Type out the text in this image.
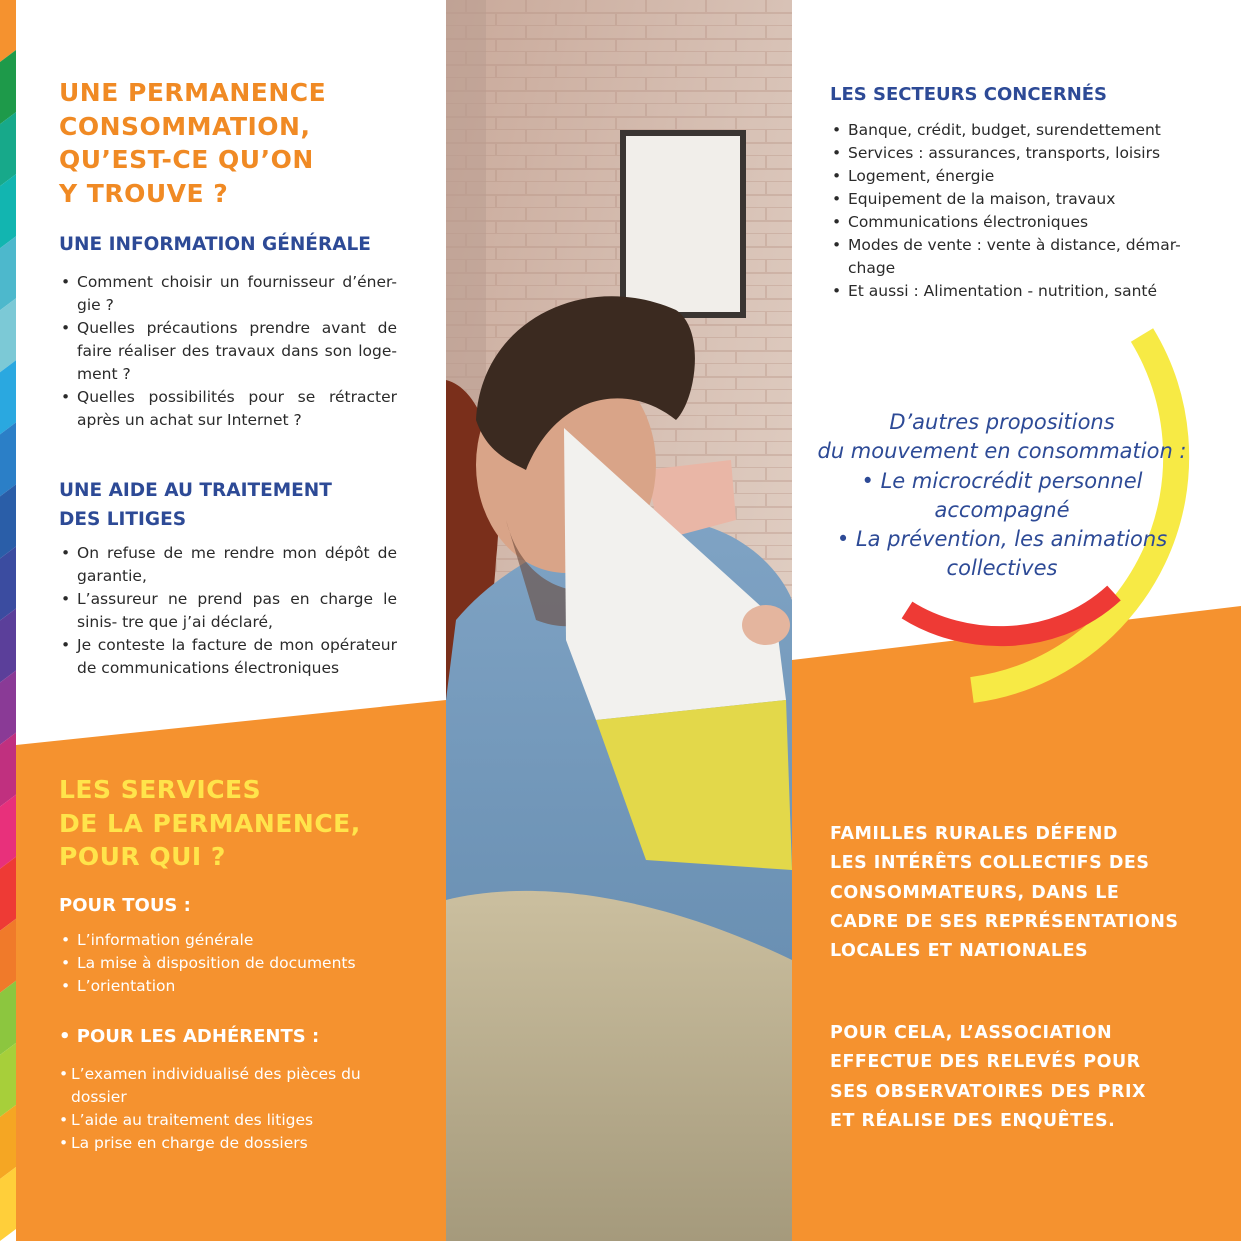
UNE PERMANENCE
CONSOMMATION,
QU’EST-CE QU’ON
Y TROUVE ?
UNE INFORMATION GÉNÉRALE
• Comment choisir un fournisseur d’éner- gie ?
• Quelles précautions prendre avant de faire réaliser des travaux dans son loge- ment ?
• Quelles possibilités pour se rétracter après un achat sur Internet ?
UNE AIDE AU TRAITEMENT
DES LITIGES
• On refuse de me rendre mon dépôt de garantie,
• L’assureur ne prend pas en charge le sinis- tre que j’ai déclaré,
• Je conteste la facture de mon opérateur de communications électroniques
LES SERVICES
DE LA PERMANENCE,
POUR QUI ?
POUR TOUS :
• L’information générale
• La mise à disposition de documents
• L’orientation
• POUR LES ADHÉRENTS :
• L’examen individualisé des pièces du dossier
• L’aide au traitement des litiges
• La prise en charge de dossiers
LES SECTEURS CONCERNÉS
• Banque, crédit, budget, surendettement
• Services : assurances, transports, loisirs
• Logement, énergie
• Equipement de la maison, travaux
• Communications électroniques
• Modes de vente : vente à distance, démar- chage
• Et aussi : Alimentation - nutrition, santé
D’autres propositions
du mouvement en consommation :
• Le microcrédit personnel
accompagné
• La prévention, les animations
collectives
FAMILLES RURALES DÉFEND
LES INTÉRÊTS COLLECTIFS DES
CONSOMMATEURS, DANS LE
CADRE DE SES REPRÉSENTATIONS
LOCALES ET NATIONALES
POUR CELA, L’ASSOCIATION
EFFECTUE DES RELEVÉS POUR
SES OBSERVATOIRES DES PRIX
ET RÉALISE DES ENQUÊTES.
